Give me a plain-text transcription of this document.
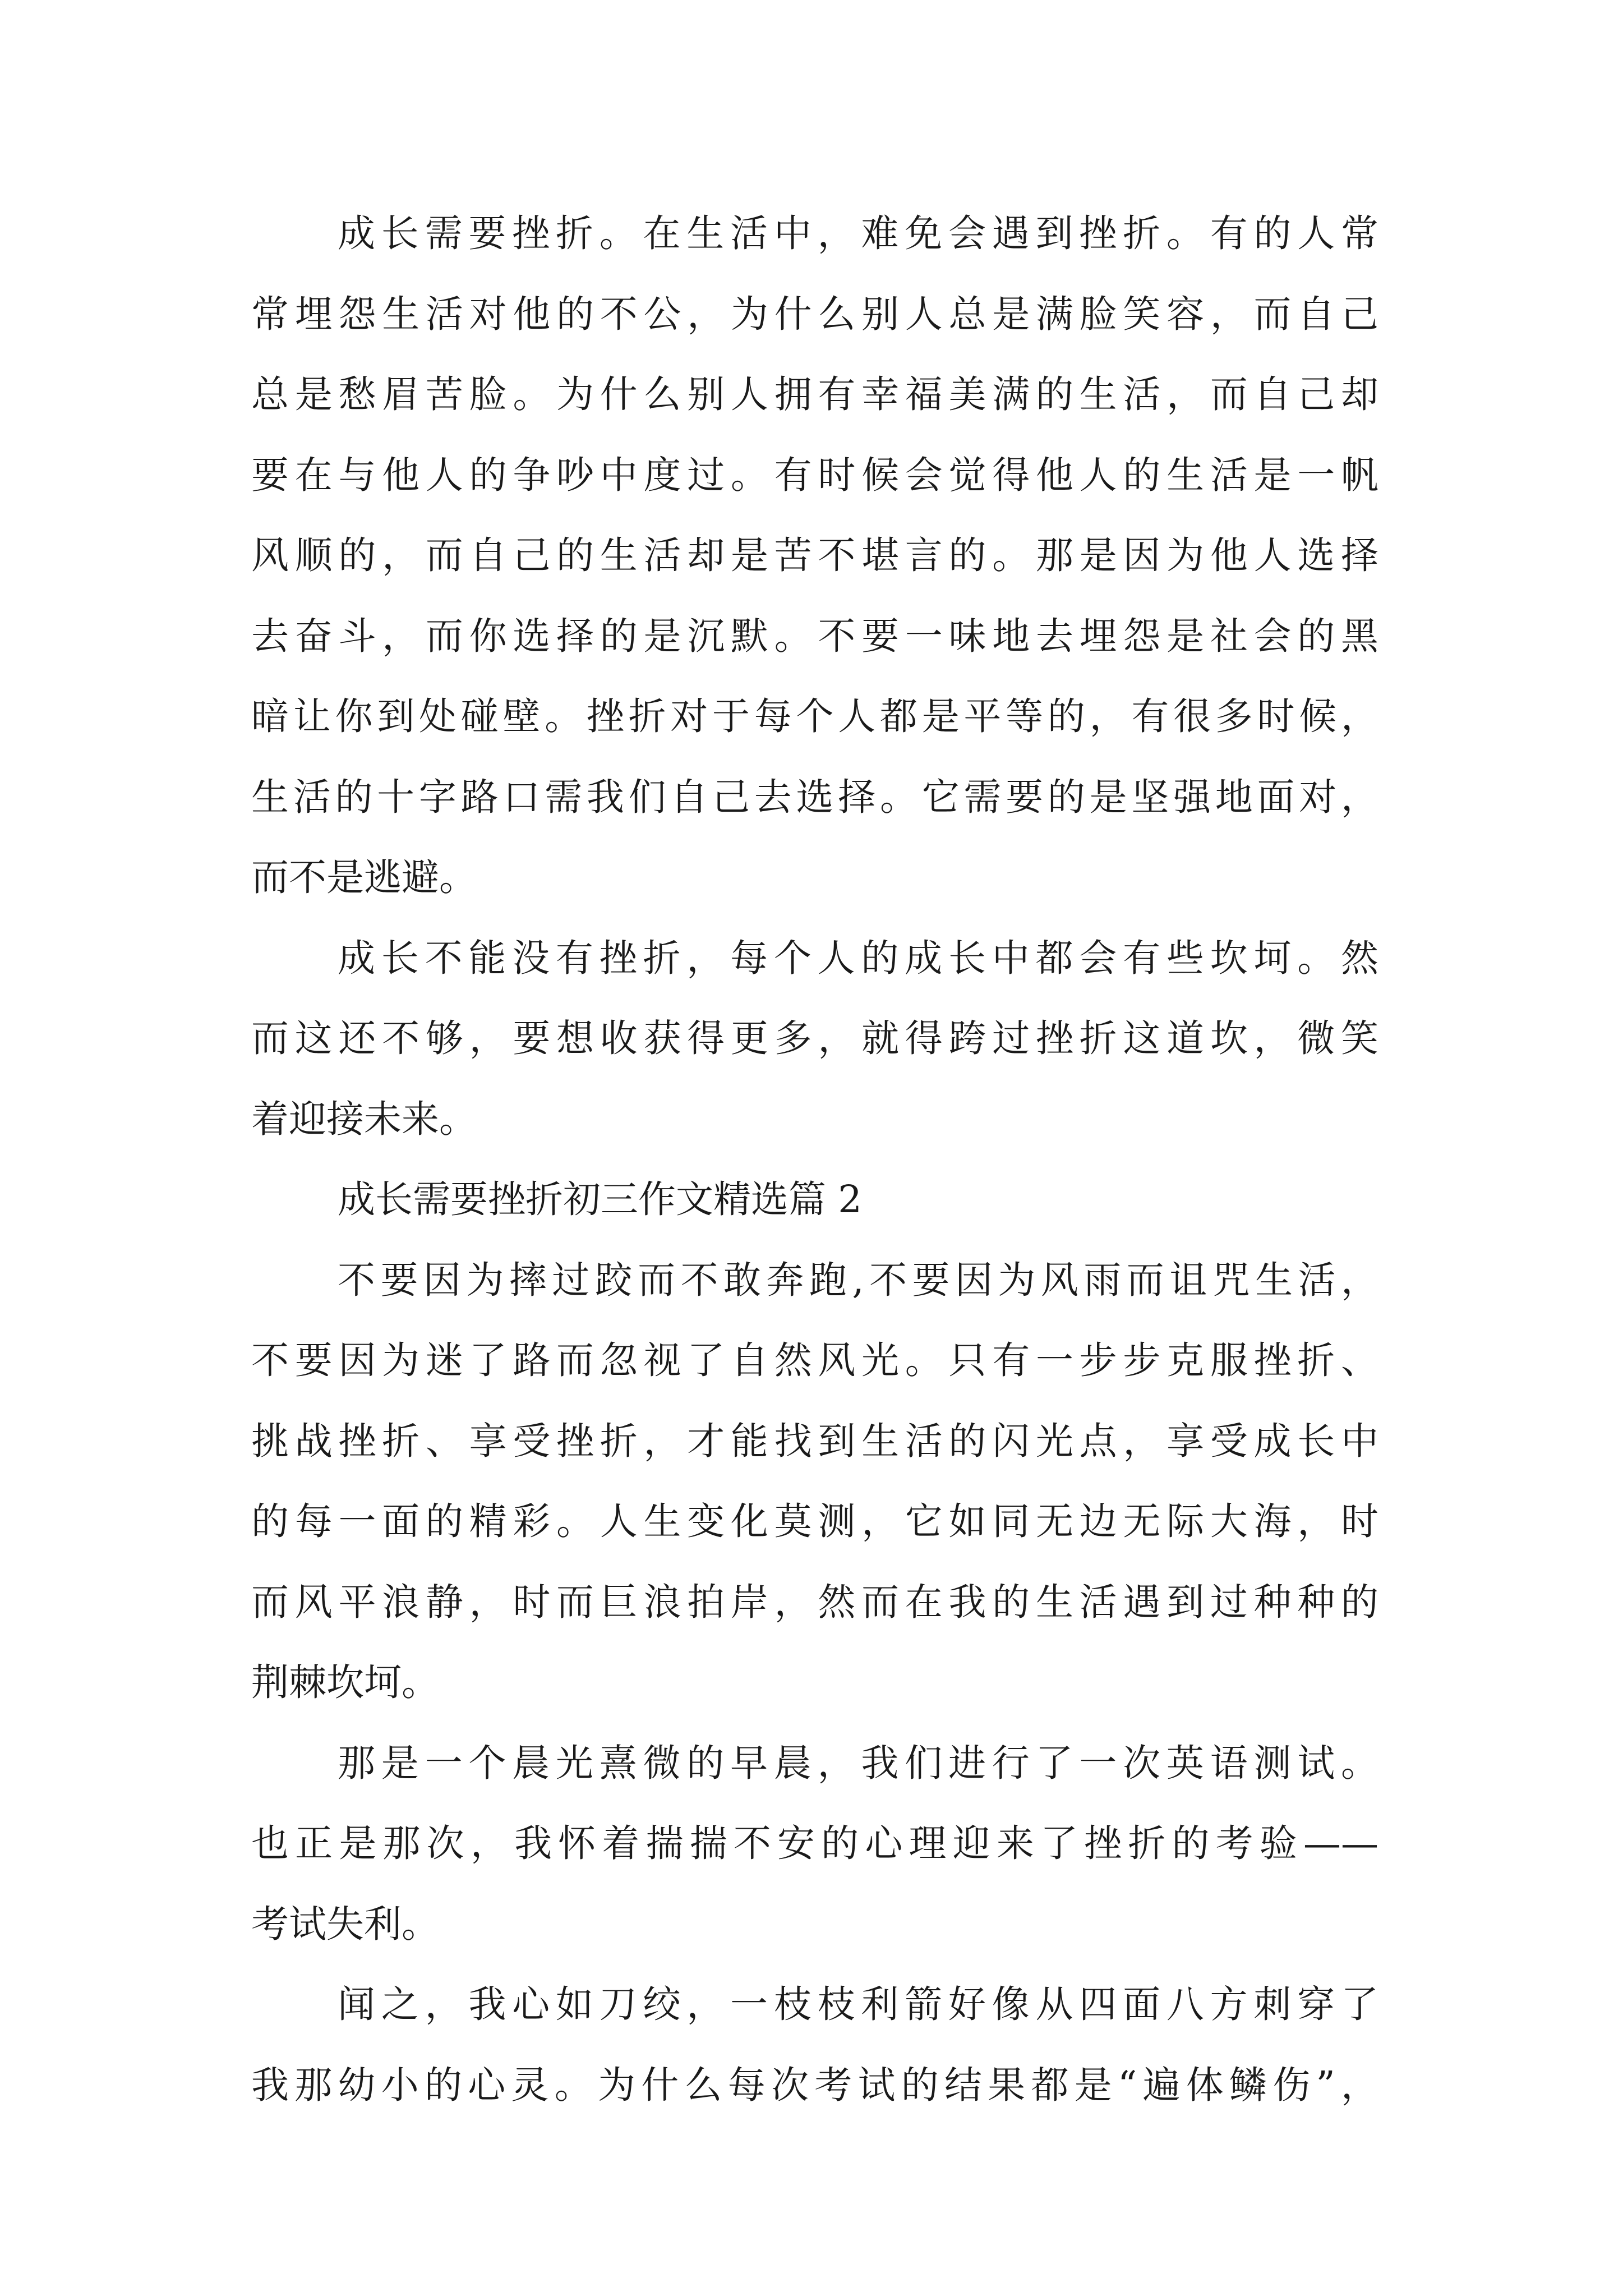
成长需要挫折。在生活中，难免会遇到挫折。有的人常
常埋怨生活对他的不公，为什么别人总是满脸笑容，而自己
总是愁眉苦脸。为什么别人拥有幸福美满的生活，而自己却
要在与他人的争吵中度过。有时候会觉得他人的生活是一帆
风顺的，而自己的生活却是苦不堪言的。那是因为他人选择
去奋斗，而你选择的是沉默。不要一味地去埋怨是社会的黑
暗让你到处碰壁。挫折对于每个人都是平等的，有很多时候，
生活的十字路口需我们自己去选择。它需要的是坚强地面对，
而不是逃避。
成长不能没有挫折，每个人的成长中都会有些坎坷。然
而这还不够，要想收获得更多，就得跨过挫折这道坎，微笑
着迎接未来。
成长需要挫折初三作文精选篇 2
不要因为摔过跤而不敢奔跑,不要因为风雨而诅咒生活，
不要因为迷了路而忽视了自然风光。只有一步步克服挫折、
挑战挫折、享受挫折，才能找到生活的闪光点，享受成长中
的每一面的精彩。人生变化莫测，它如同无边无际大海，时
而风平浪静，时而巨浪拍岸，然而在我的生活遇到过种种的
荆棘坎坷。
那是一个晨光熹微的早晨，我们进行了一次英语测试。
也正是那次，我怀着揣揣不安的心理迎来了挫折的考验——
考试失利。
闻之，我心如刀绞，一枝枝利箭好像从四面八方刺穿了
我那幼小的心灵。为什么每次考试的结果都是“遍体鳞伤”，
